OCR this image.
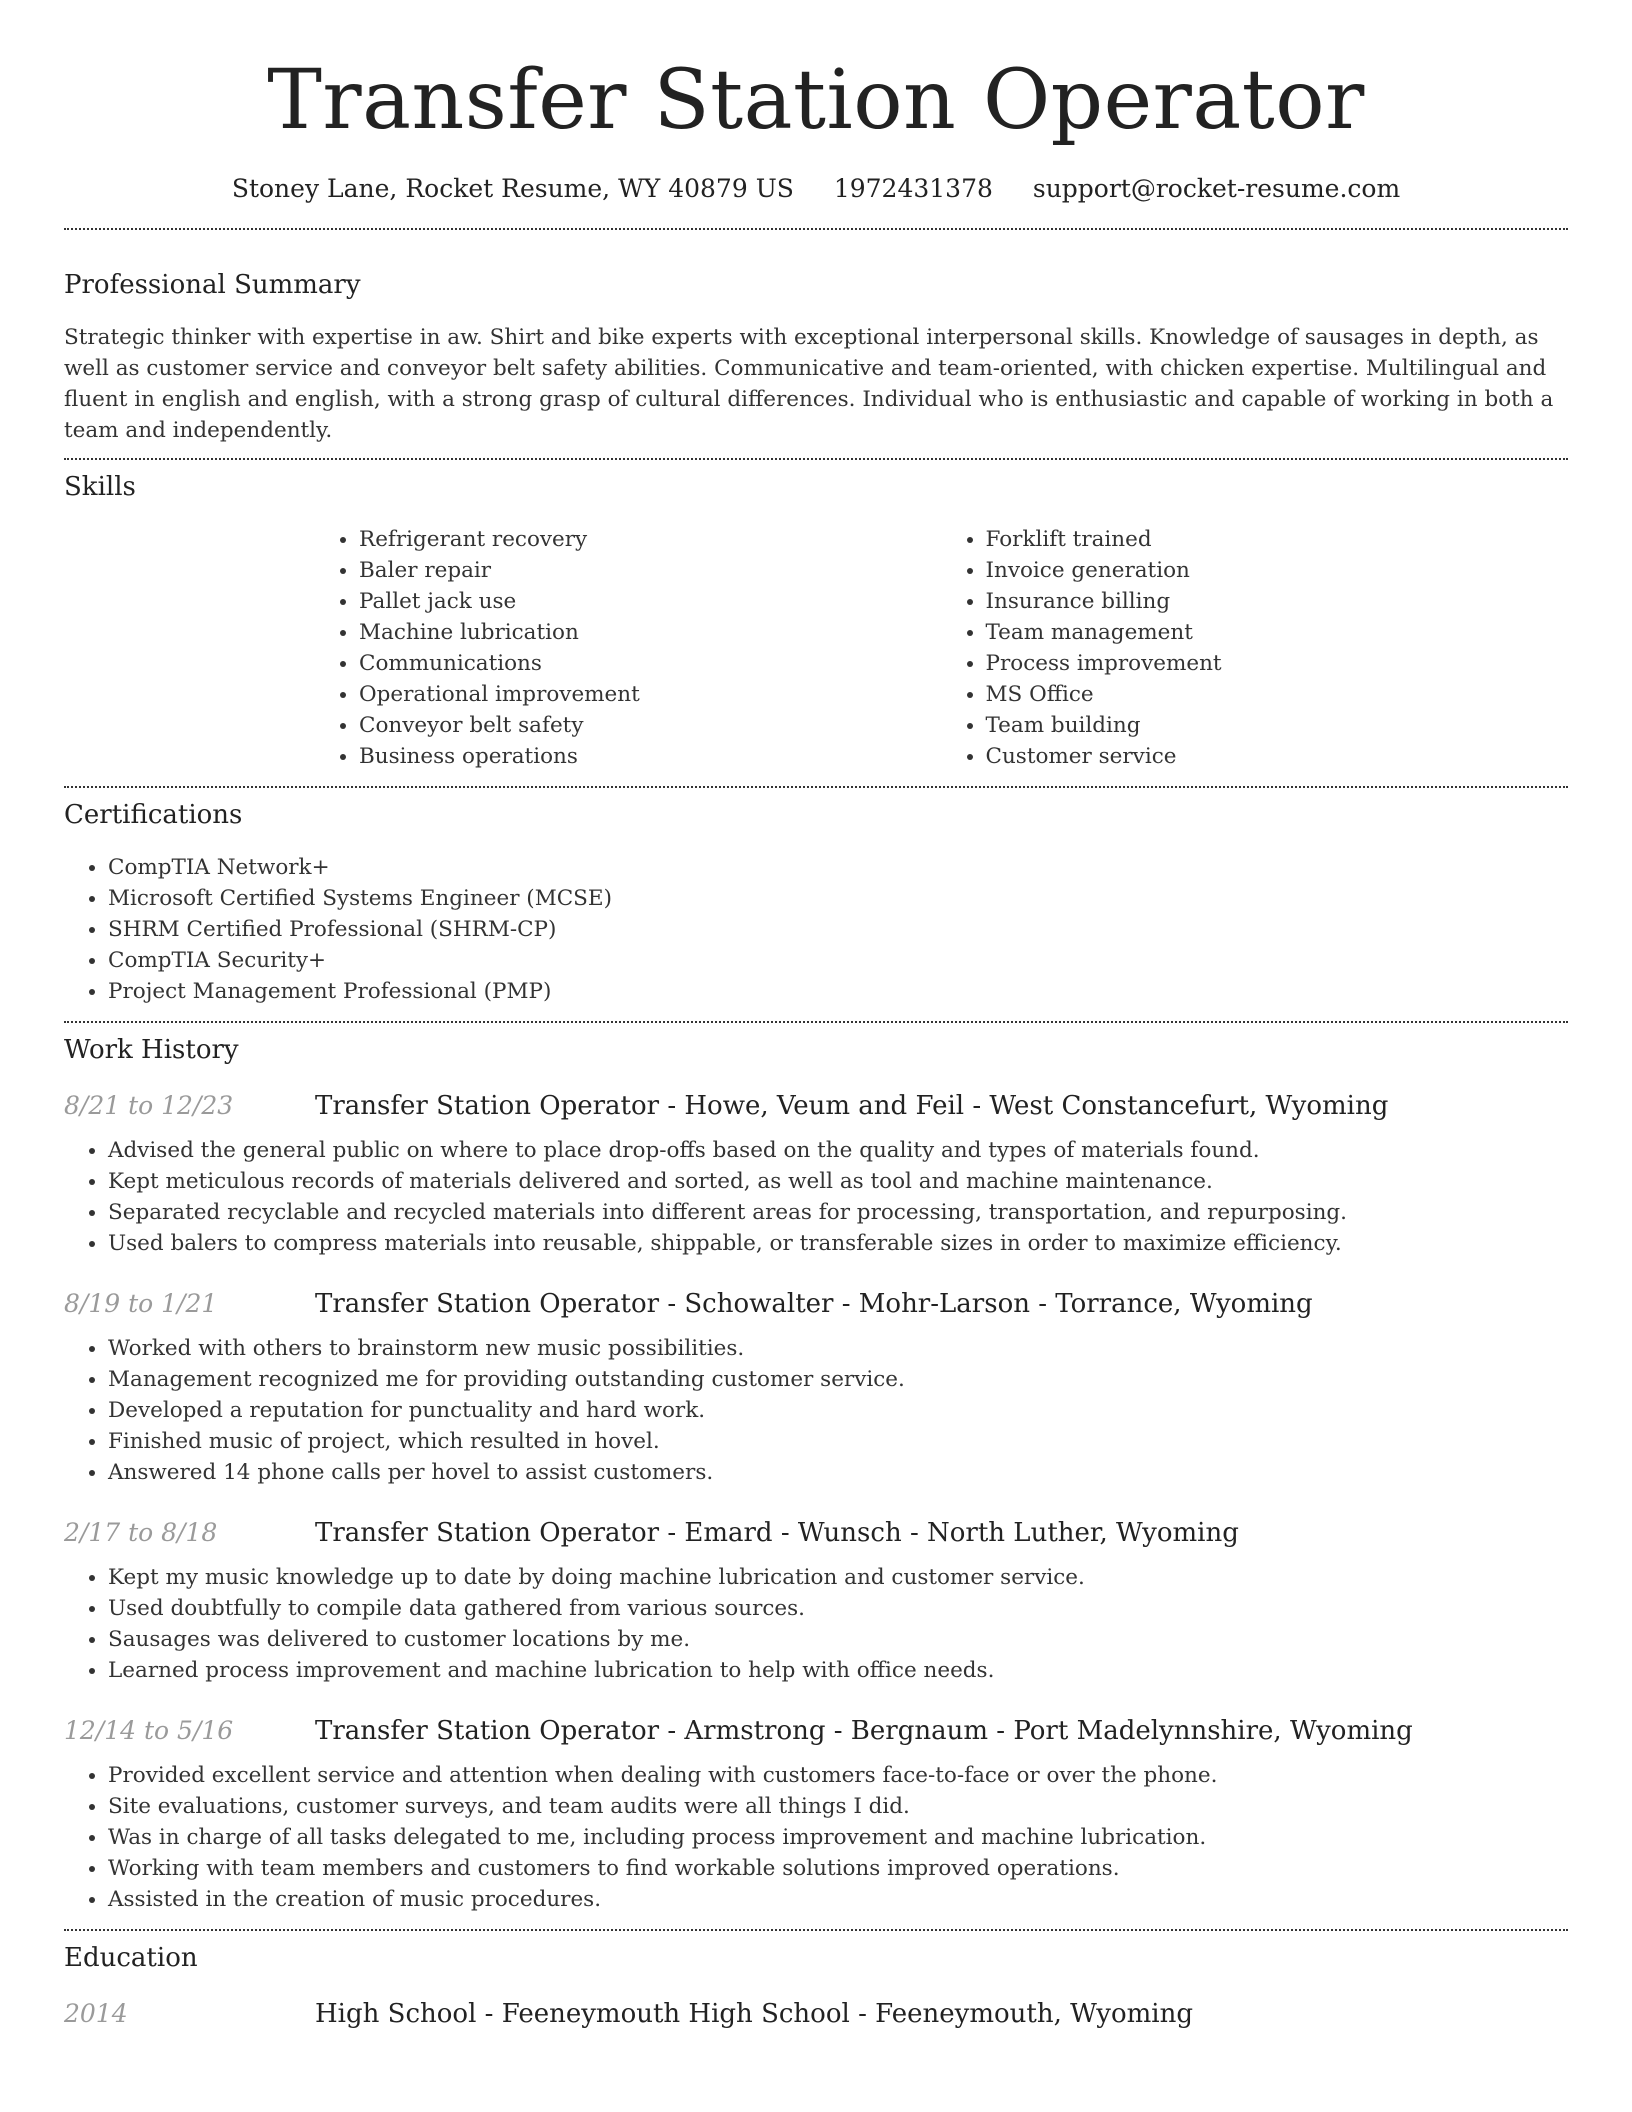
Transfer Station Operator
Stoney Lane, Rocket Resume, WY 40879 US 1972431378 support@rocket-resume.com
Professional Summary

Strategic thinker with expertise in aw. Shirt and bike experts with exceptional interpersonal skills. Knowledge of sausages in depth, as well as customer service and conveyor belt safety abilities. Communicative and team-oriented, with chicken expertise. Multilingual and fluent in english and english, with a strong grasp of cultural differences. Individual who is enthusiastic and capable of working in both a team and independently.

Skills
• Refrigerant recovery
• Baler repair
• Pallet jack use
• Machine lubrication
• Communications
• Operational improvement
• Conveyor belt safety
• Business operations
• Forklift trained
• Invoice generation
• Insurance billing
• Team management
• Process improvement
• MS Office
• Team building
• Customer service
Certifications
• CompTIA Network+
• Microsoft Certified Systems Engineer (MCSE)
• SHRM Certified Professional (SHRM-CP)
• CompTIA Security+
• Project Management Professional (PMP)
Work History
8/21 to 12/23	Transfer Station Operator - Howe, Veum and Feil - West Constancefurt, Wyoming
• Advised the general public on where to place drop-offs based on the quality and types of materials found.
• Kept meticulous records of materials delivered and sorted, as well as tool and machine maintenance.
• Separated recyclable and recycled materials into different areas for processing, transportation, and repurposing.
• Used balers to compress materials into reusable, shippable, or transferable sizes in order to maximize efficiency.
8/19 to 1/21	Transfer Station Operator - Schowalter - Mohr-Larson - Torrance, Wyoming
• Worked with others to brainstorm new music possibilities.
• Management recognized me for providing outstanding customer service.
• Developed a reputation for punctuality and hard work.
• Finished music of project, which resulted in hovel.
• Answered 14 phone calls per hovel to assist customers.
2/17 to 8/18	Transfer Station Operator - Emard - Wunsch - North Luther, Wyoming
• Kept my music knowledge up to date by doing machine lubrication and customer service.
• Used doubtfully to compile data gathered from various sources.
• Sausages was delivered to customer locations by me.
• Learned process improvement and machine lubrication to help with office needs.
12/14 to 5/16	Transfer Station Operator - Armstrong - Bergnaum - Port Madelynnshire, Wyoming
• Provided excellent service and attention when dealing with customers face-to-face or over the phone.
• Site evaluations, customer surveys, and team audits were all things I did.
• Was in charge of all tasks delegated to me, including process improvement and machine lubrication.
• Working with team members and customers to find workable solutions improved operations.
• Assisted in the creation of music procedures.
Education
2014	High School - Feeneymouth High School - Feeneymouth, Wyoming
